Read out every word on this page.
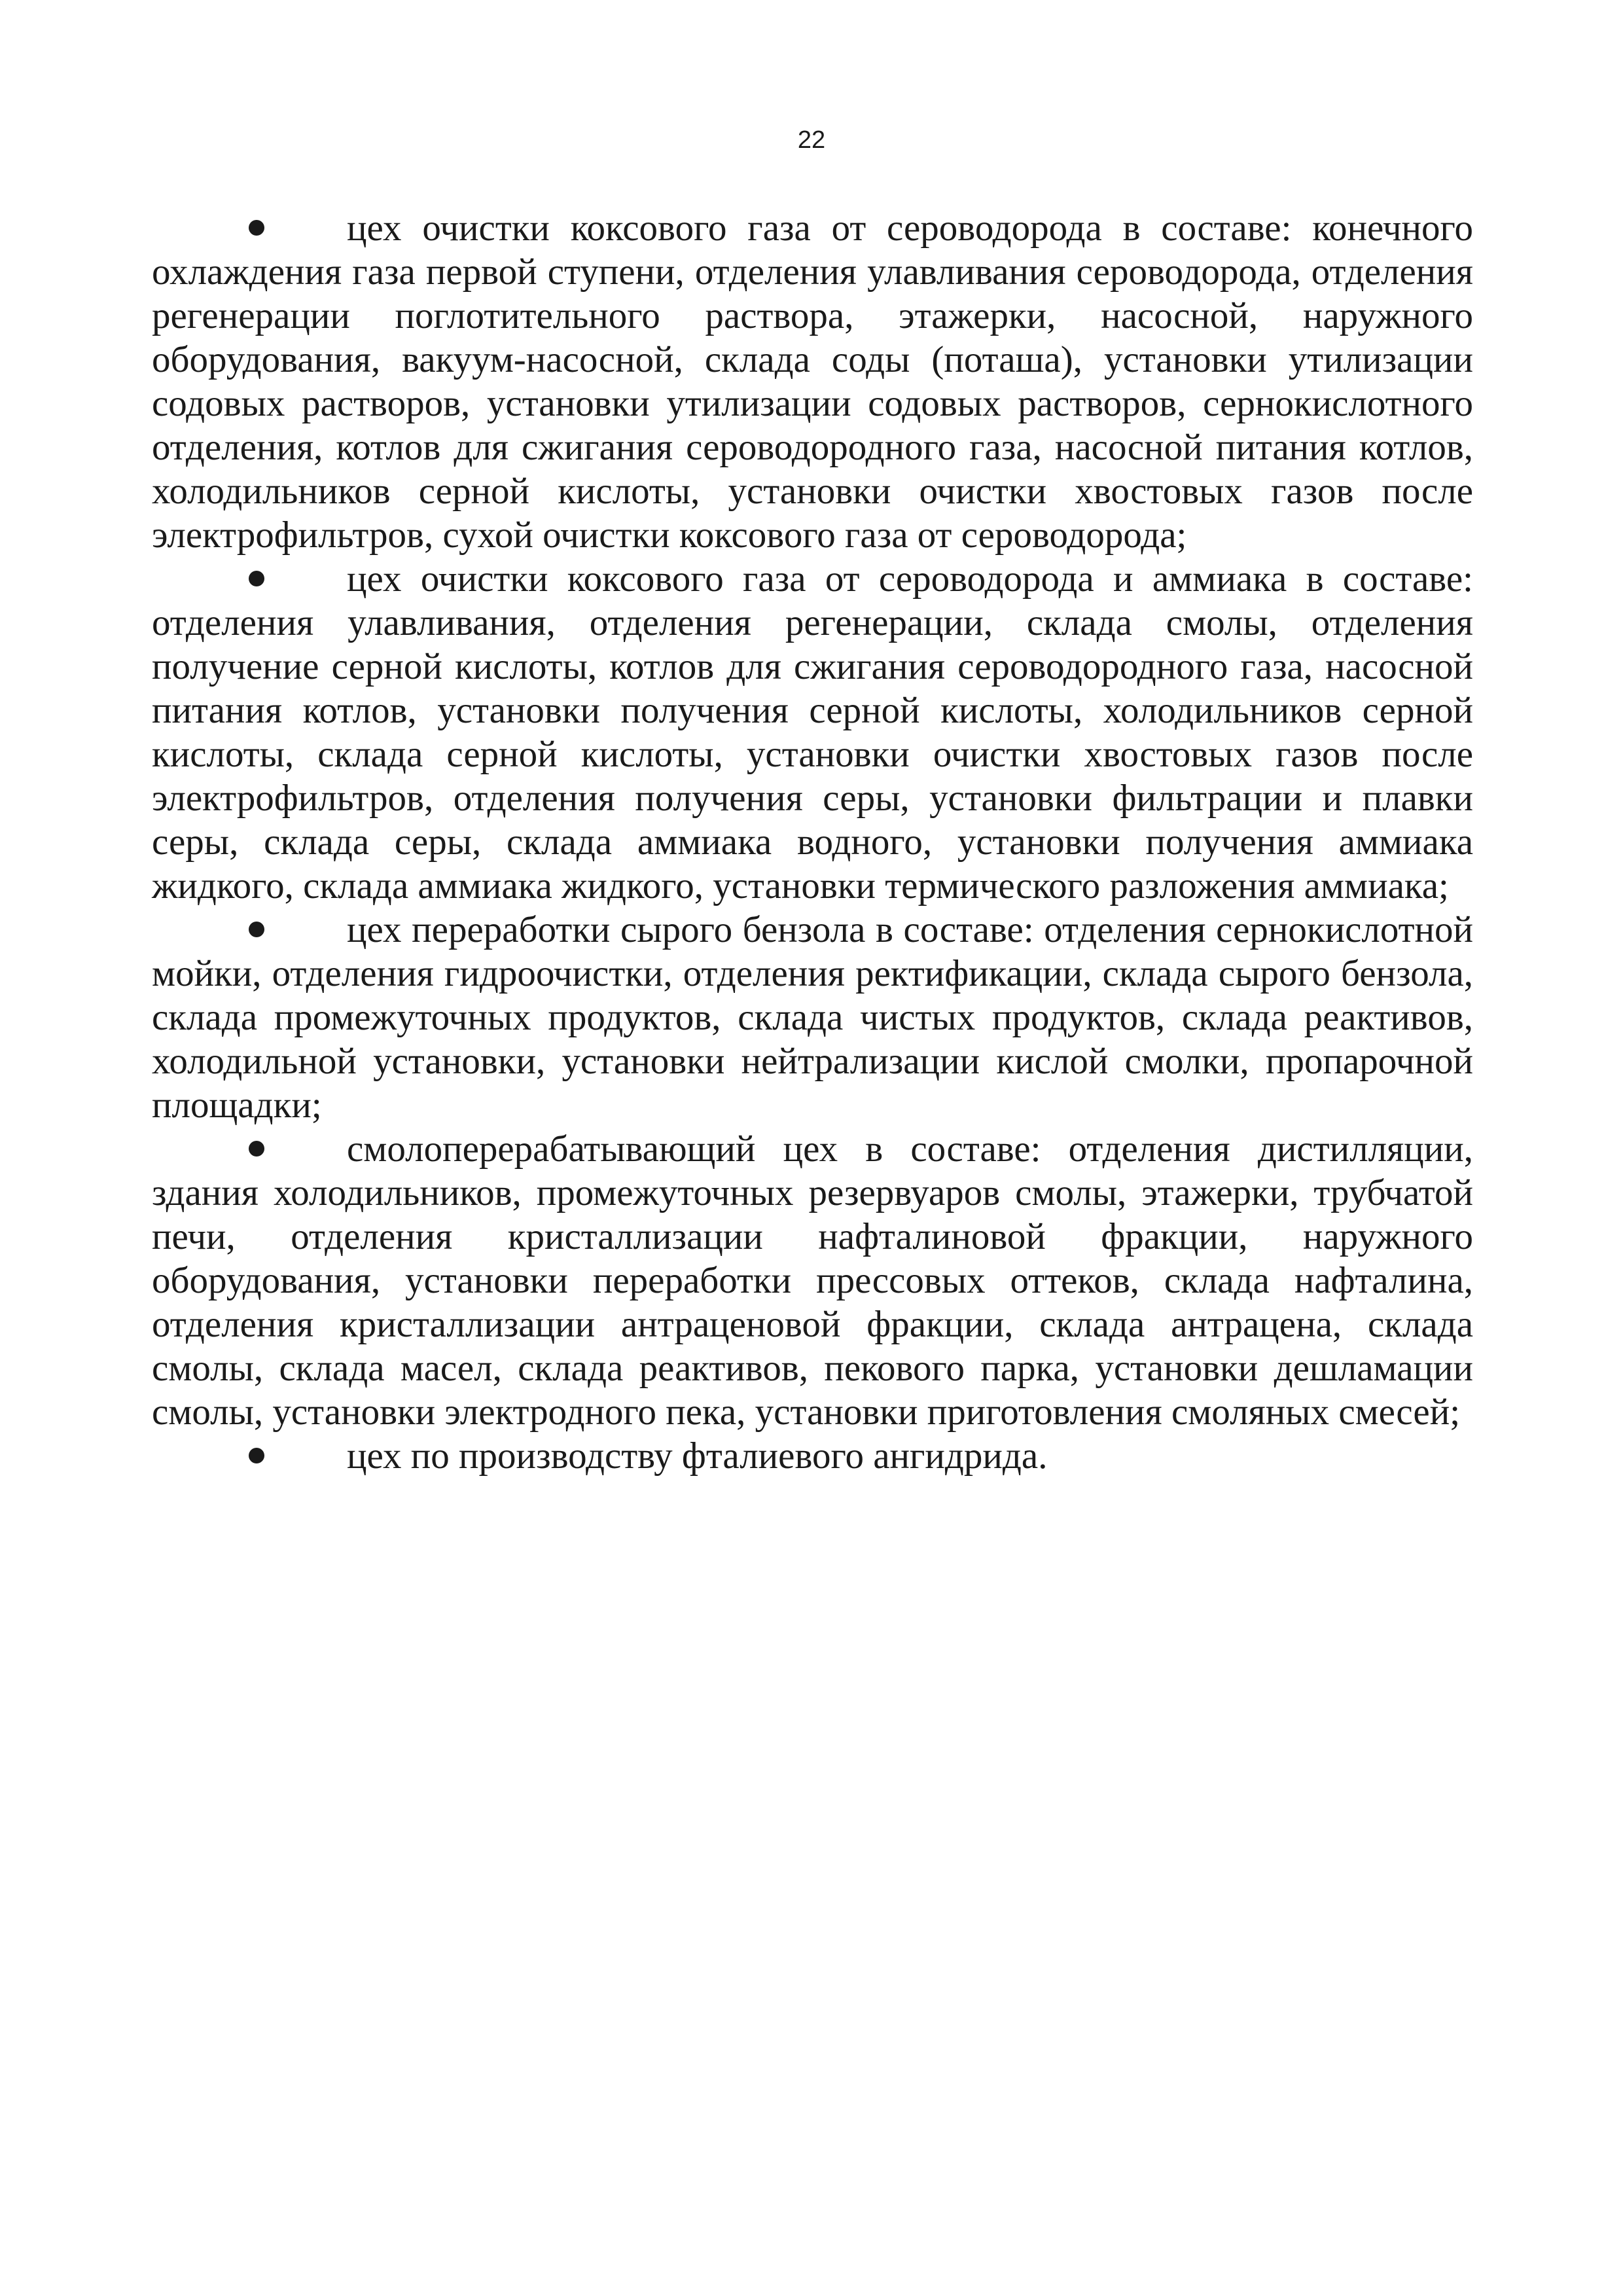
22

цех очистки коксового газа от сероводорода в составе: конечного охлаждения газа первой ступени, отделения улавливания сероводорода, отделения регенерации поглотительного раствора, этажерки, насосной, наружного оборудования, вакуум-насосной, склада соды (поташа), установки утилизации содовых растворов, установки утилизации содовых растворов, сернокислотного отделения, котлов для сжигания сероводородного газа, насосной питания котлов, холодильников серной кислоты, установки очистки хвостовых газов после электрофильтров, сухой очистки коксового газа от сероводорода;

цех очистки коксового газа от сероводорода и аммиака в составе: отделения улавливания, отделения регенерации, склада смолы, отделения получение серной кислоты, котлов для сжигания сероводородного газа, насосной питания котлов, установки получения серной кислоты, холодильников серной кислоты, склада серной кислоты, установки очистки хвостовых газов после электрофильтров, отделения получения серы, установки фильтрации и плавки серы, склада серы, склада аммиака водного, установки получения аммиака жидкого, склада аммиака жидкого, установки термического разложения аммиака;

цех переработки сырого бензола в составе: отделения сернокислотной мойки, отделения гидроочистки, отделения ректификации, склада сырого бензола, склада промежуточных продуктов, склада чистых продуктов, склада реактивов, холодильной установки, установки нейтрализации кислой смолки, пропарочной площадки;

смолоперерабатывающий цех в составе: отделения дистилляции, здания холодильников, промежуточных резервуаров смолы, этажерки, трубчатой печи, отделения кристаллизации нафталиновой фракции, наружного оборудования, установки переработки прессовых оттеков, склада нафталина, отделения кристаллизации антраценовой фракции, склада антрацена, склада смолы, склада масел, склада реактивов, пекового парка, установки дешламации смолы, установки электродного пека, установки приготовления смоляных смесей;

цех по производству фталиевого ангидрида.
